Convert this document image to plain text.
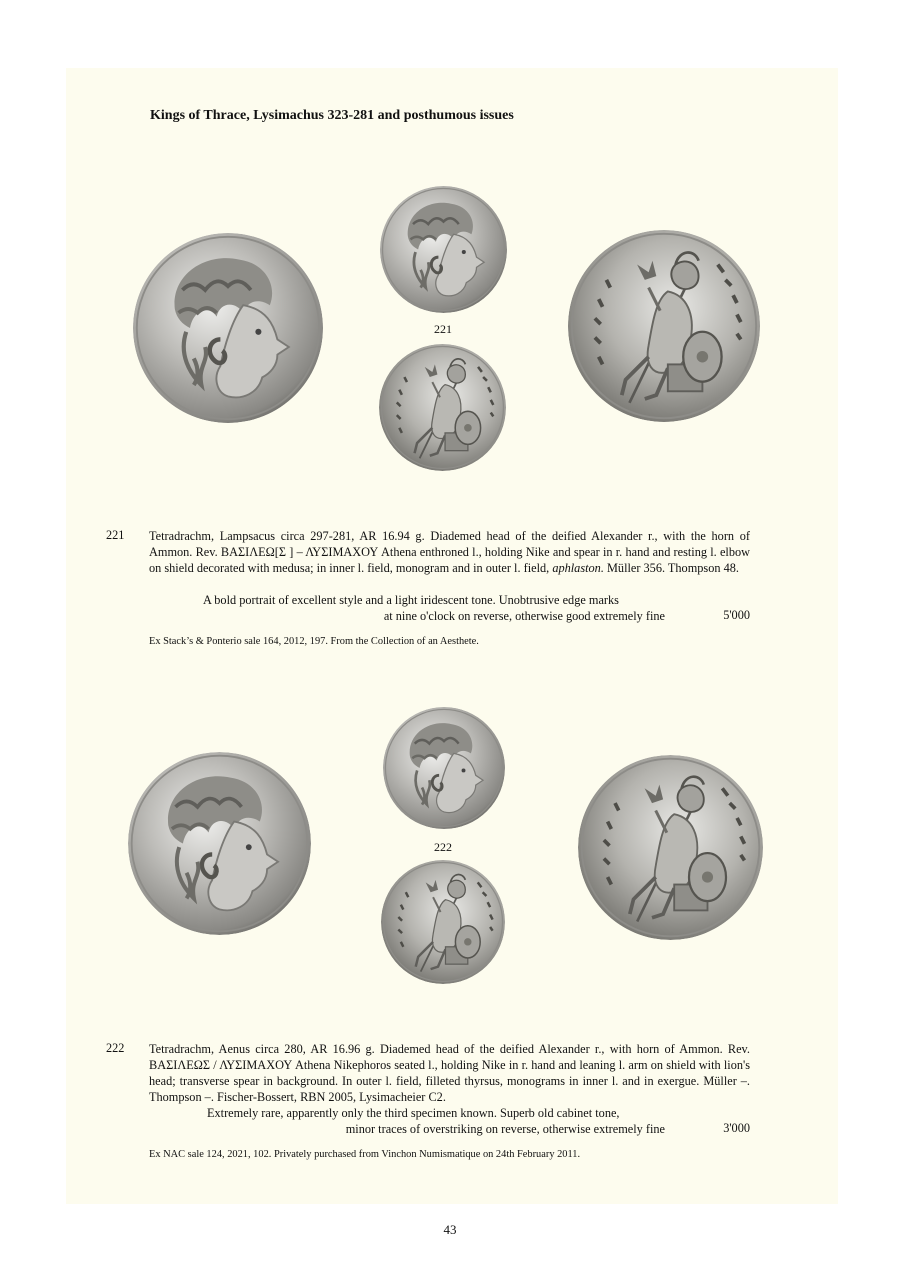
Kings of Thrace, Lysimachus 323-281 and posthumous issues
221
221 Tetradrachm, Lampsacus circa 297-281, AR 16.94 g. Diademed head of the deified Alexander r., with the horn of Ammon. Rev. ΒΑΣΙΛΕΩ[Σ ] – ΛΥΣΙΜΑΧΟΥ Athena enthroned l., holding Nike and spear in r. hand and resting l. elbow on shield decorated with medusa; in inner l. field, monogram and in outer l. field, aphlaston. Müller 356. Thompson 48.

A bold portrait of excellent style and a light iridescent tone. Unobtrusive edge marks
at nine o'clock on reverse, otherwise good extremely fine	5'000
Ex Stack’s & Ponterio sale 164, 2012, 197. From the Collection of an Aesthete.
222
222 Tetradrachm, Aenus circa 280, AR 16.96 g. Diademed head of the deified Alexander r., with horn of Ammon. Rev. ΒΑΣΙΛΕΩΣ / ΛΥΣΙΜΑΧΟΥ Athena Nikephoros seated l., holding Nike in r. hand and leaning l. arm on shield with lion's head; transverse spear in background. In outer l. field, filleted thyrsus, monograms in inner l. and in exergue. Müller –. Thompson –. Fischer-Bossert, RBN 2005, Lysimacheier C2.

Extremely rare, apparently only the third specimen known. Superb old cabinet tone,
minor traces of overstriking on reverse, otherwise extremely fine	3'000
Ex NAC sale 124, 2021, 102. Privately purchased from Vinchon Numismatique on 24th February 2011.
43
